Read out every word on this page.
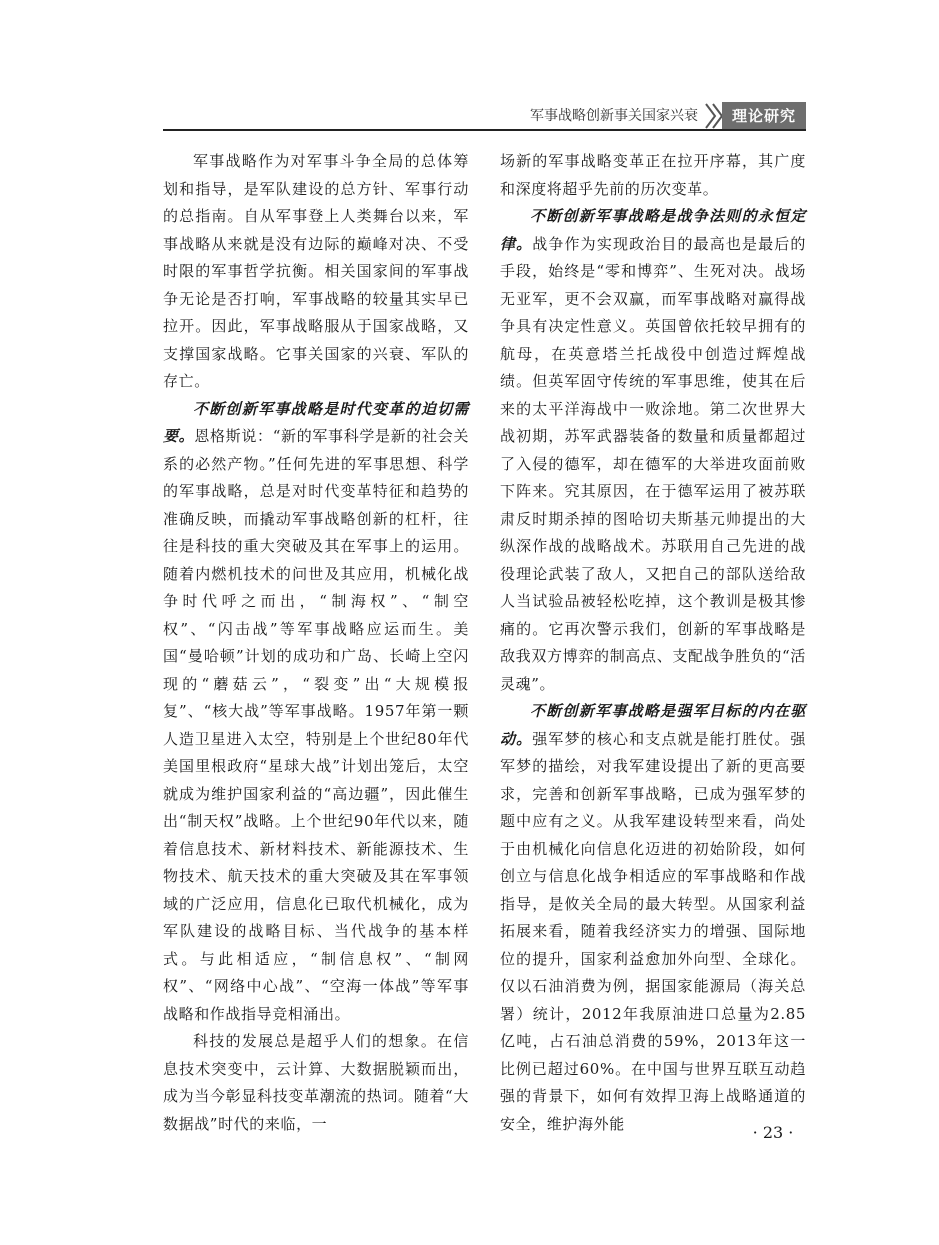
军事战略创新事关国家兴衰	理论研究

军事战略作为对军事斗争全局的总体筹划和指导，是军队建设的总方针、军事行动的总指南。自从军事登上人类舞台以来，军事战略从来就是没有边际的巅峰对决、不受时限的军事哲学抗衡。相关国家间的军事战争无论是否打响，军事战略的较量其实早已拉开。因此，军事战略服从于国家战略，又支撑国家战略。它事关国家的兴衰、军队的存亡。

不断创新军事战略是时代变革的迫切需要。恩格斯说：“新的军事科学是新的社会关系的必然产物。”任何先进的军事思想、科学的军事战略，总是对时代变革特征和趋势的准确反映，而撬动军事战略创新的杠杆，往往是科技的重大突破及其在军事上的运用。随着内燃机技术的问世及其应用，机械化战争时代呼之而出，“制海权”、“制空权”、“闪击战”等军事战略应运而生。美国“曼哈顿”计划的成功和广岛、长崎上空闪现的“蘑菇云”，“裂变”出“大规模报复”、“核大战”等军事战略。1957年第一颗人造卫星进入太空，特别是上个世纪80年代美国里根政府“星球大战”计划出笼后，太空就成为维护国家利益的“高边疆”，因此催生出“制天权”战略。上个世纪90年代以来，随着信息技术、新材料技术、新能源技术、生物技术、航天技术的重大突破及其在军事领域的广泛应用，信息化已取代机械化，成为军队建设的战略目标、当代战争的基本样式。与此相适应，“制信息权”、“制网权”、“网络中心战”、“空海一体战”等军事战略和作战指导竞相涌出。

科技的发展总是超乎人们的想象。在信息技术突变中，云计算、大数据脱颖而出，成为当今彰显科技变革潮流的热词。随着“大数据战”时代的来临，一

场新的军事战略变革正在拉开序幕，其广度和深度将超乎先前的历次变革。

不断创新军事战略是战争法则的永恒定律。战争作为实现政治目的最高也是最后的手段，始终是“零和博弈”、生死对决。战场无亚军，更不会双赢，而军事战略对赢得战争具有决定性意义。英国曾依托较早拥有的航母，在英意塔兰托战役中创造过辉煌战绩。但英军固守传统的军事思维，使其在后来的太平洋海战中一败涂地。第二次世界大战初期，苏军武器装备的数量和质量都超过了入侵的德军，却在德军的大举进攻面前败下阵来。究其原因，在于德军运用了被苏联肃反时期杀掉的图哈切夫斯基元帅提出的大纵深作战的战略战术。苏联用自己先进的战役理论武装了敌人，又把自己的部队送给敌人当试验品被轻松吃掉，这个教训是极其惨痛的。它再次警示我们，创新的军事战略是敌我双方博弈的制高点、支配战争胜负的“活灵魂”。

不断创新军事战略是强军目标的内在驱动。强军梦的核心和支点就是能打胜仗。强军梦的描绘，对我军建设提出了新的更高要求，完善和创新军事战略，已成为强军梦的题中应有之义。从我军建设转型来看，尚处于由机械化向信息化迈进的初始阶段，如何创立与信息化战争相适应的军事战略和作战指导，是攸关全局的最大转型。从国家利益拓展来看，随着我经济实力的增强、国际地位的提升，国家利益愈加外向型、全球化。仅以石油消费为例，据国家能源局（海关总署）统计，2012年我原油进口总量为2.85亿吨，占石油总消费的59%，2013年这一比例已超过60%。在中国与世界互联互动趋强的背景下，如何有效捍卫海上战略通道的安全，维护海外能	· 23 ·
